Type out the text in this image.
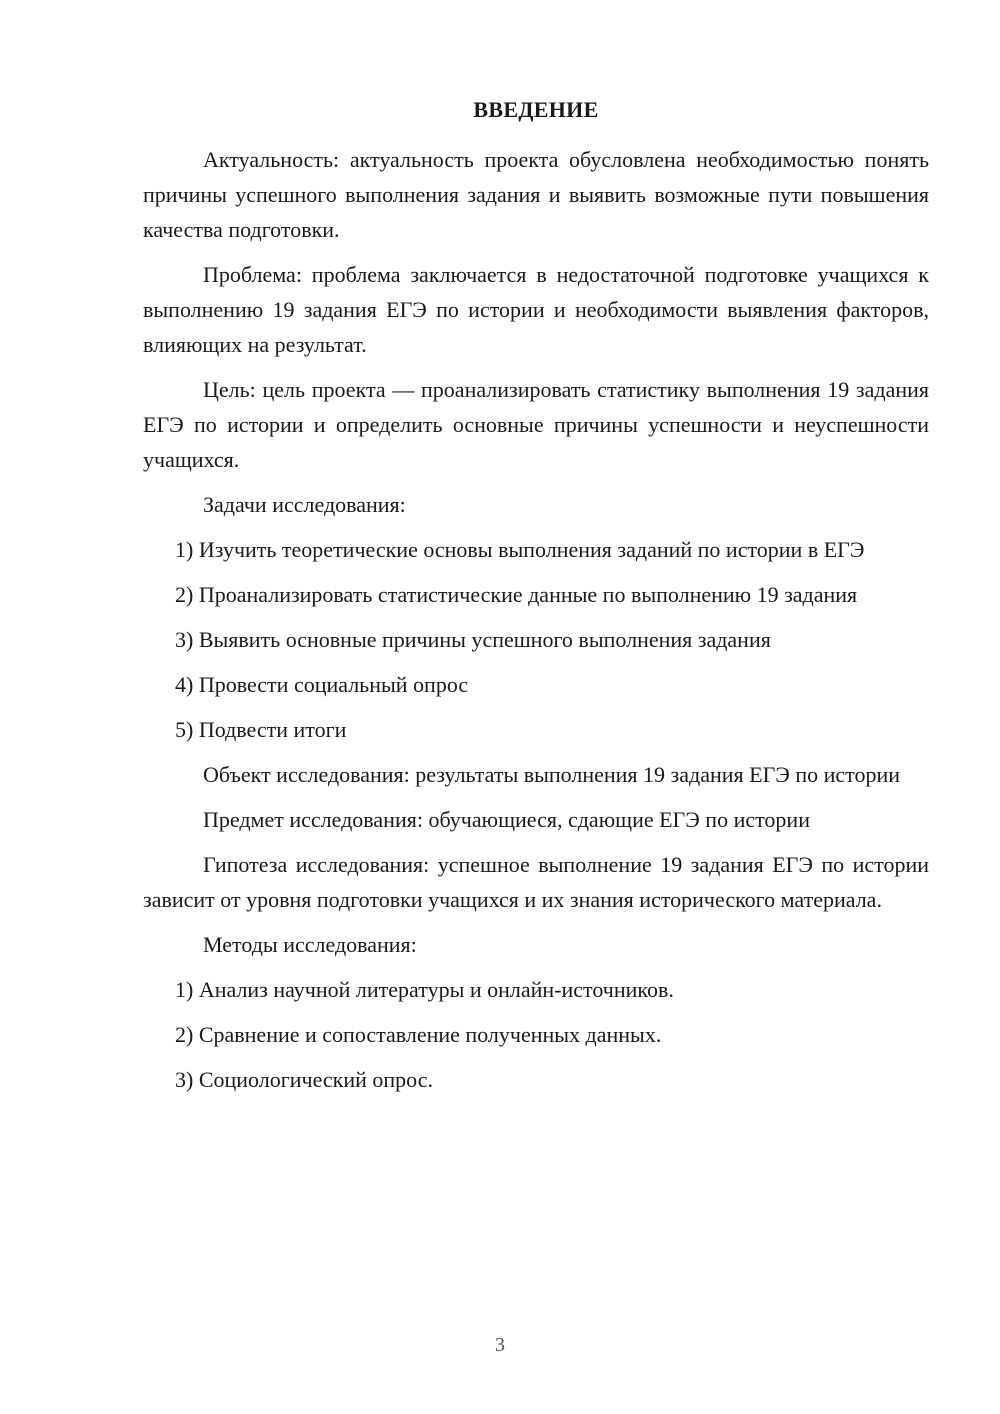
ВВЕДЕНИЕ

Актуальность: актуальность проекта обусловлена необходимостью понять причины успешного выполнения задания и выявить возможные пути повышения качества подготовки.

Проблема: проблема заключается в недостаточной подготовке учащихся к выполнению 19 задания ЕГЭ по истории и необходимости выявления факторов, влияющих на результат.

Цель: цель проекта — проанализировать статистику выполнения 19 задания ЕГЭ по истории и определить основные причины успешности и неуспешности учащихся.

Задачи исследования:

1) Изучить теоретические основы выполнения заданий по истории в ЕГЭ

2) Проанализировать статистические данные по выполнению 19 задания

3) Выявить основные причины успешного выполнения задания

4) Провести социальный опрос

5) Подвести итоги

Объект исследования: результаты выполнения 19 задания ЕГЭ по истории

Предмет исследования: обучающиеся, сдающие ЕГЭ по истории

Гипотеза исследования: успешное выполнение 19 задания ЕГЭ по истории зависит от уровня подготовки учащихся и их знания исторического материала.

Методы исследования:

1) Анализ научной литературы и онлайн-источников.

2) Сравнение и сопоставление полученных данных.

3) Социологический опрос.

3
